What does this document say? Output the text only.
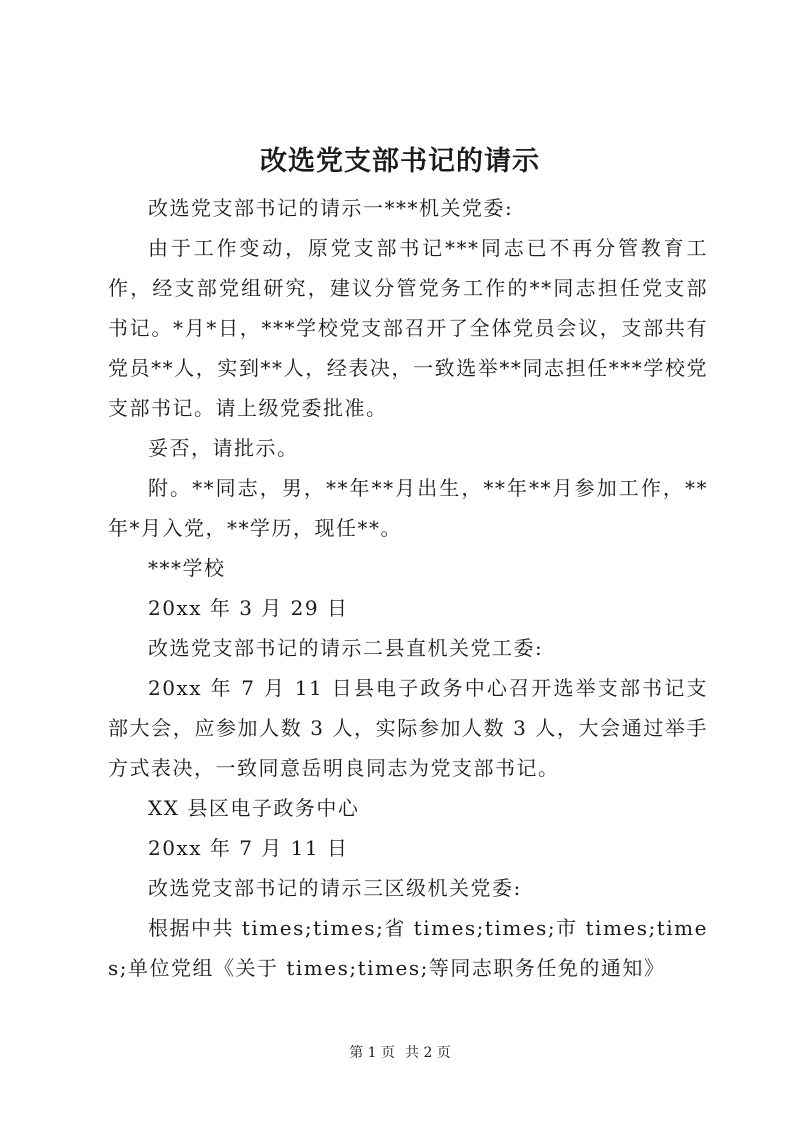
改选党支部书记的请示

改选党支部书记的请示一***机关党委:

由于工作变动，原党支部书记***同志已不再分管教育工作，经支部党组研究，建议分管党务工作的**同志担任党支部书记。*月*日，***学校党支部召开了全体党员会议，支部共有党员**人，实到**人，经表决，一致选举**同志担任***学校党支部书记。请上级党委批准。

妥否，请批示。

附。**同志，男，**年**月出生，**年**月参加工作，**年*月入党，**学历，现任**。

***学校

20xx 年 3 月 29 日

改选党支部书记的请示二县直机关党工委:

20xx 年 7 月 11 日县电子政务中心召开选举支部书记支部大会，应参加人数 3 人，实际参加人数 3 人，大会通过举手方式表决，一致同意岳明良同志为党支部书记。

XX 县区电子政务中心

20xx 年 7 月 11 日

改选党支部书记的请示三区级机关党委:

根据中共 times;times;省 times;times;市 times;times;单位党组《关于 times;times;等同志职务任免的通知》

第 1 页 共 2 页
